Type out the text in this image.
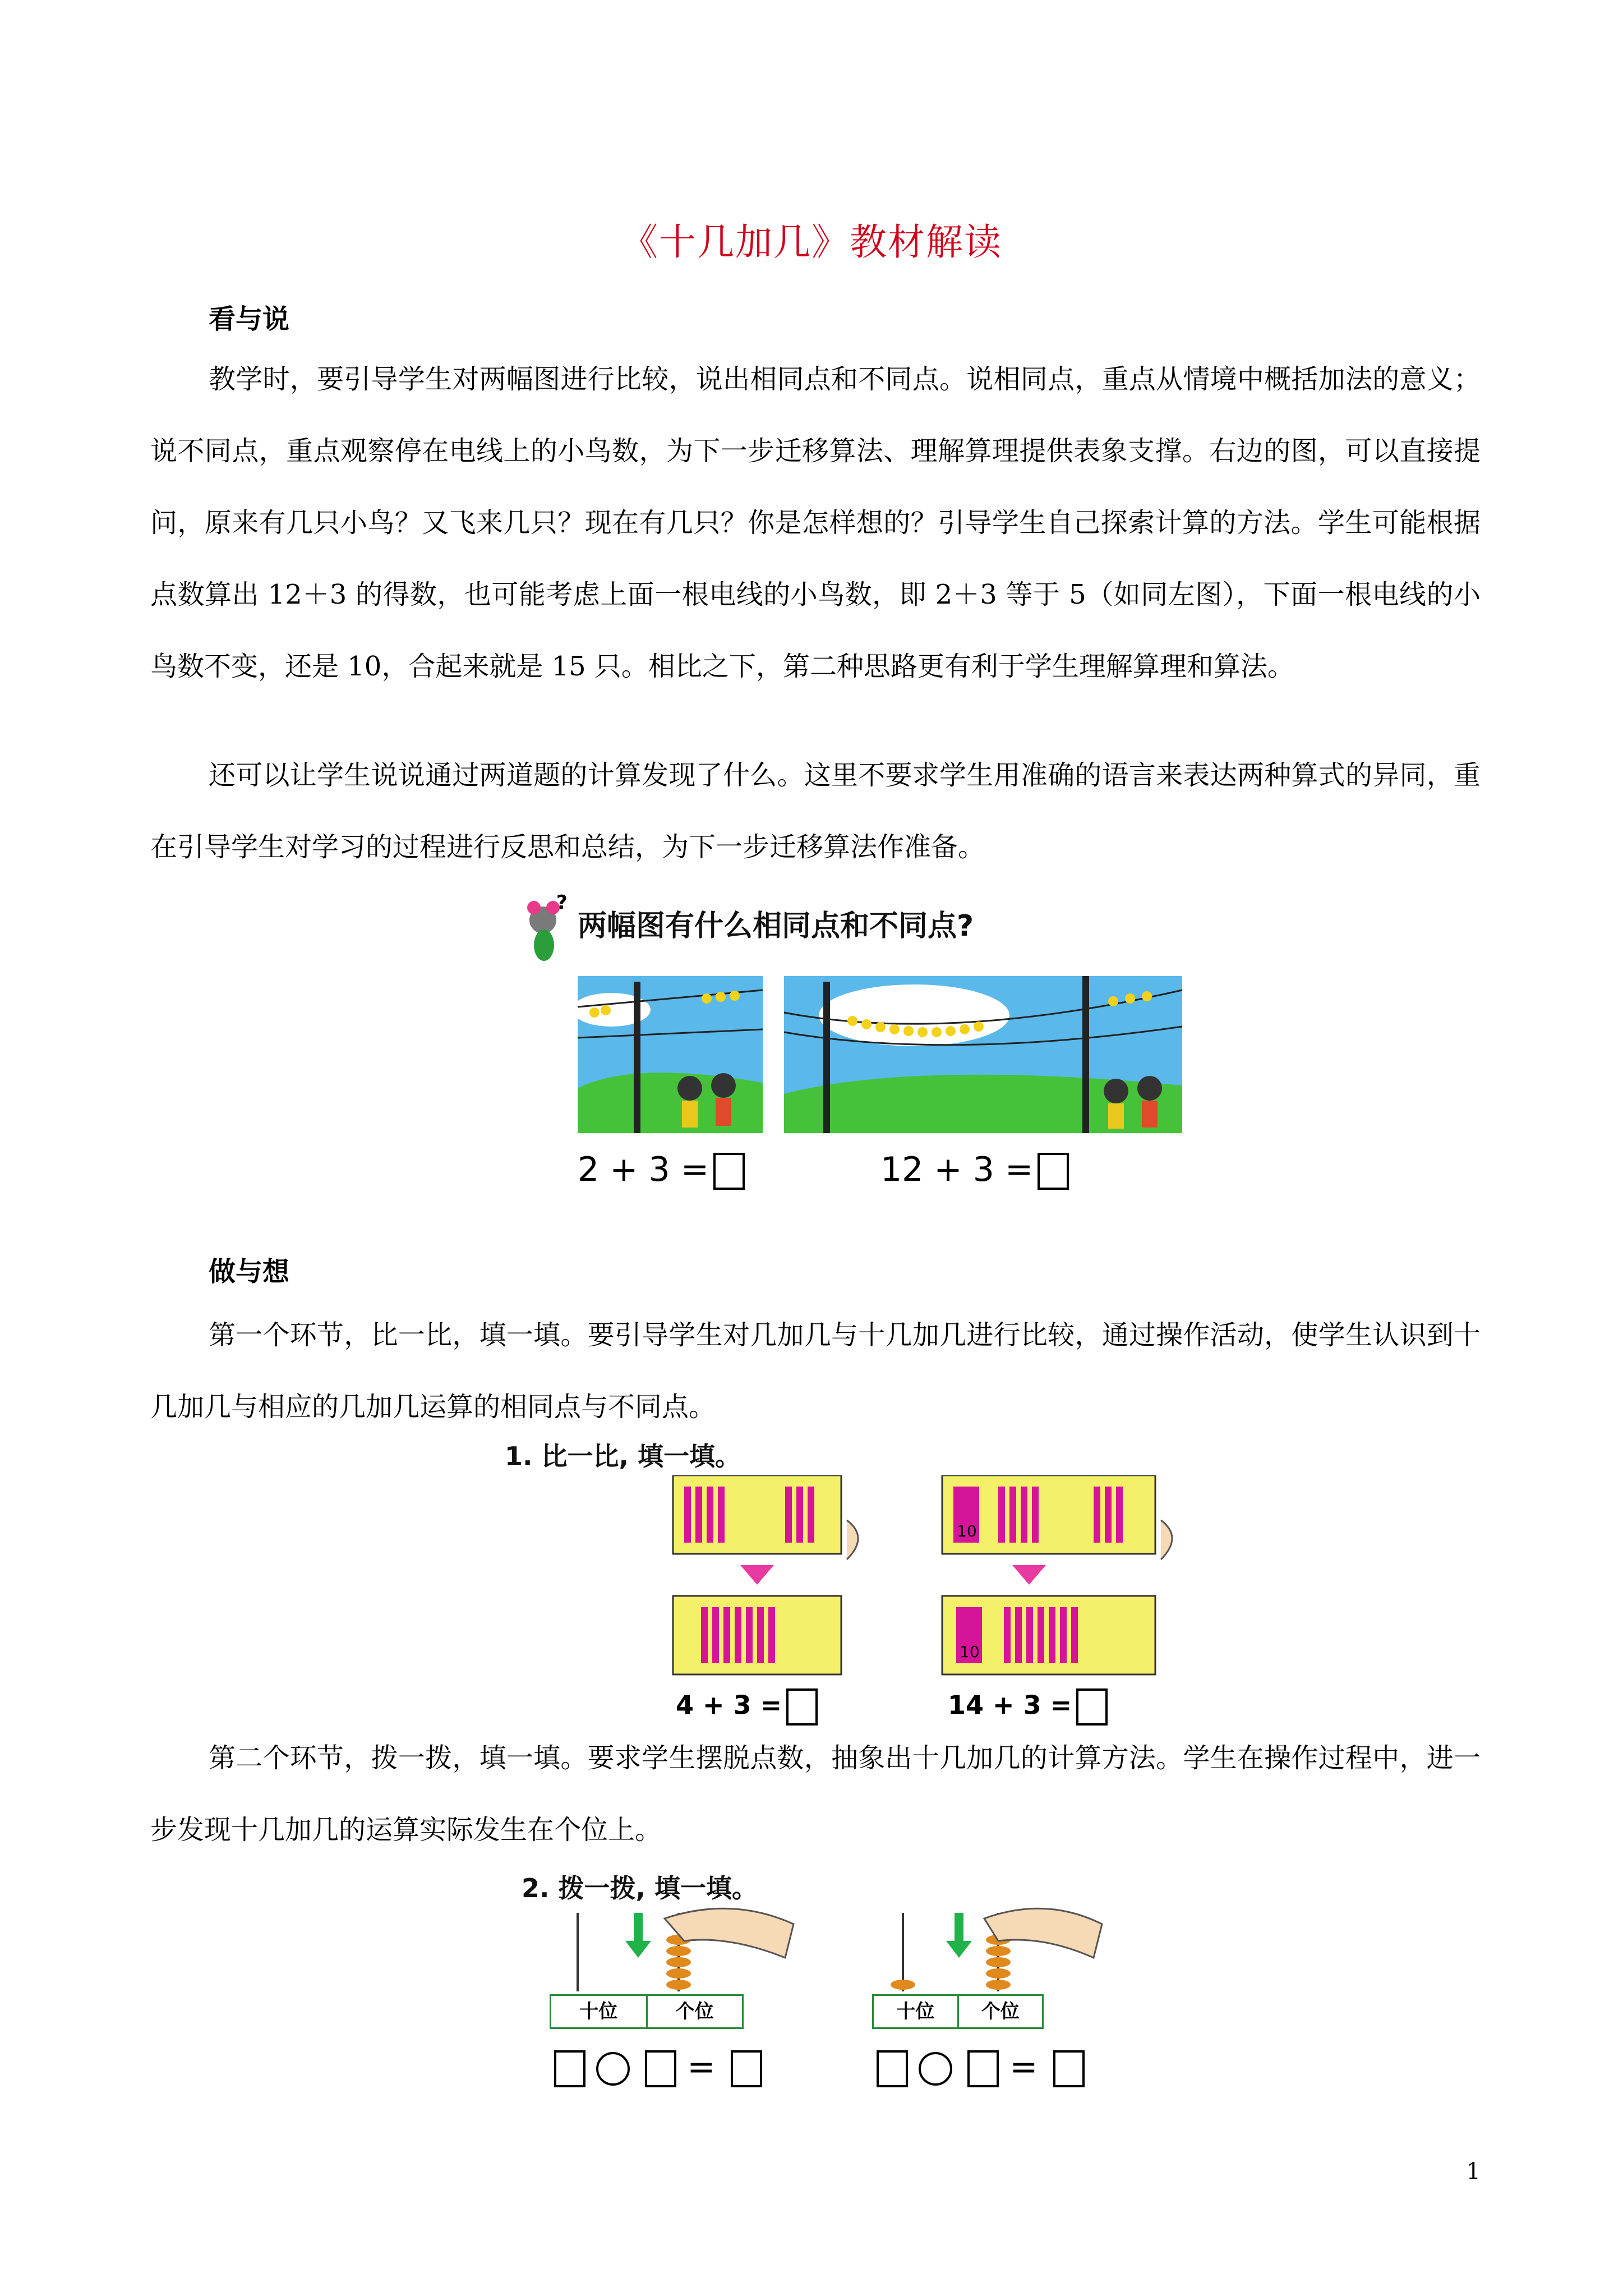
《十几加几》教材解读
看与说

教学时，要引导学生对两幅图进行比较，说出相同点和不同点。说相同点，重点从情境中概括加法的意义；说不同点，重点观察停在电线上的小鸟数，为下一步迁移算法、理解算理提供表象支撑。右边的图，可以直接提问，原来有几只小鸟？又飞来几只？现在有几只？你是怎样想的？引导学生自己探索计算的方法。学生可能根据点数算出 12＋3 的得数，也可能考虑上面一根电线的小鸟数，即 2＋3 等于 5（如同左图），下面一根电线的小鸟数不变，还是 10，合起来就是 15 只。相比之下，第二种思路更有利于学生理解算理和算法。

还可以让学生说说通过两道题的计算发现了什么。这里不要求学生用准确的语言来表达两种算式的异同，重在引导学生对学习的过程进行反思和总结，为下一步迁移算法作准备。

?
两幅图有什么相同点和不同点?
2 + 3 =	12 + 3 =
做与想

第一个环节，比一比，填一填。要引导学生对几加几与十几加几进行比较，通过操作活动，使学生认识到十几加几与相应的几加几运算的相同点与不同点。

1. 比一比, 填一填。
10
10
4 + 3 =	14 + 3 =

第二个环节，拨一拨，填一填。要求学生摆脱点数，抽象出十几加几的计算方法。学生在操作过程中，进一步发现十几加几的运算实际发生在个位上。

2. 拨一拨, 填一填。
十位	个位	十位	个位
=	=
1
